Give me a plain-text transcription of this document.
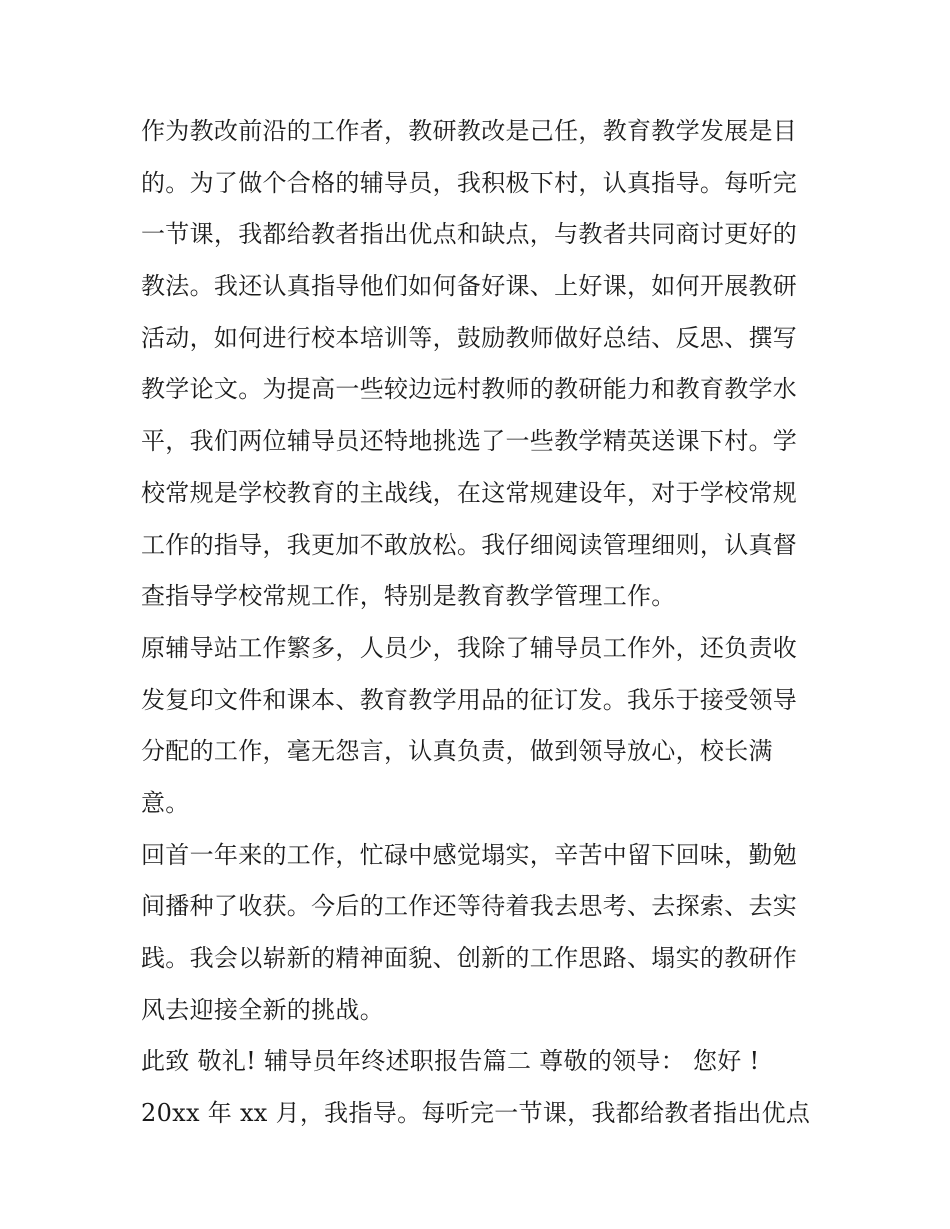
作为教改前沿的工作者，教研教改是己任，教育教学发展是目
的。为了做个合格的辅导员，我积极下村，认真指导。每听完
一节课，我都给教者指出优点和缺点，与教者共同商讨更好的
教法。我还认真指导他们如何备好课、上好课，如何开展教研
活动，如何进行校本培训等，鼓励教师做好总结、反思、撰写
教学论文。为提高一些较边远村教师的教研能力和教育教学水
平，我们两位辅导员还特地挑选了一些教学精英送课下村。学
校常规是学校教育的主战线，在这常规建设年，对于学校常规
工作的指导，我更加不敢放松。我仔细阅读管理细则，认真督
查指导学校常规工作，特别是教育教学管理工作。
原辅导站工作繁多，人员少，我除了辅导员工作外，还负责收
发复印文件和课本、教育教学用品的征订发。我乐于接受领导
分配的工作，毫无怨言，认真负责，做到领导放心，校长满
意。
回首一年来的工作，忙碌中感觉塌实，辛苦中留下回味，勤勉
间播种了收获。今后的工作还等待着我去思考、去探索、去实
践。我会以崭新的精神面貌、创新的工作思路、塌实的教研作
风去迎接全新的挑战。
此致 敬礼! 辅导员年终述职报告篇二 尊敬的领导： 您好 !
20xx 年 xx 月，我指导。每听完一节课，我都给教者指出优点
